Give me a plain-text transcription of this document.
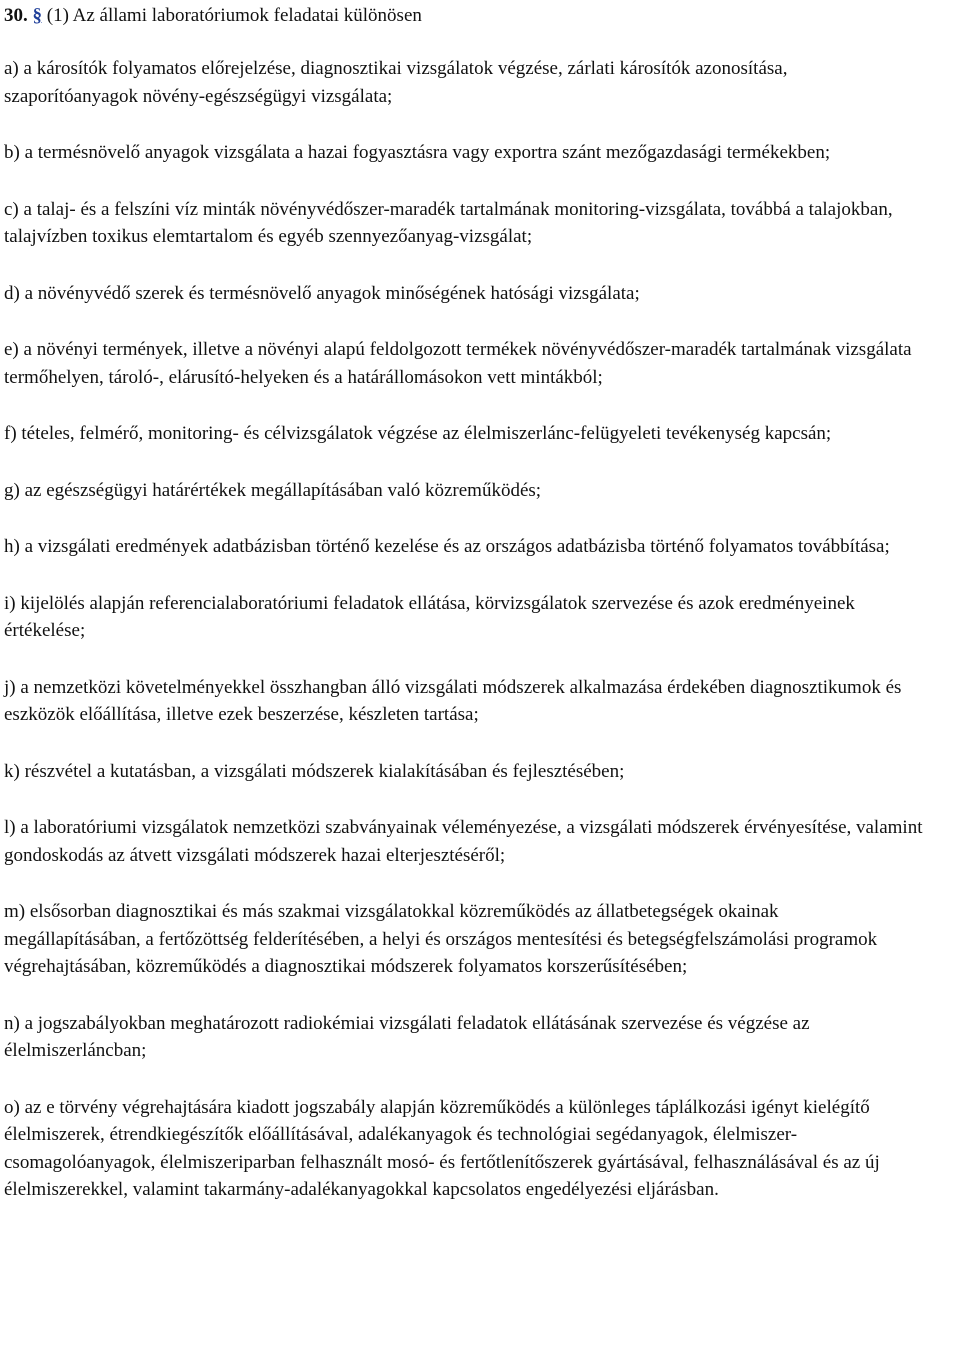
30. § (1) Az állami laboratóriumok feladatai különösen

a) a károsítók folyamatos előrejelzése, diagnosztikai vizsgálatok végzése, zárlati károsítók azonosítása, szaporítóanyagok növény-egészségügyi vizsgálata;

b) a termésnövelő anyagok vizsgálata a hazai fogyasztásra vagy exportra szánt mezőgazdasági termékekben;

c) a talaj- és a felszíni víz minták növényvédőszer-maradék tartalmának monitoring-vizsgálata, továbbá a talajokban, talajvízben toxikus elemtartalom és egyéb szennyezőanyag-vizsgálat;

d) a növényvédő szerek és termésnövelő anyagok minőségének hatósági vizsgálata;

e) a növényi termények, illetve a növényi alapú feldolgozott termékek növényvédőszer-maradék tartalmának vizsgálata termőhelyen, tároló-, elárusító-helyeken és a határállomásokon vett mintákból;

f) tételes, felmérő, monitoring- és célvizsgálatok végzése az élelmiszerlánc-felügyeleti tevékenység kapcsán;

g) az egészségügyi határértékek megállapításában való közreműködés;

h) a vizsgálati eredmények adatbázisban történő kezelése és az országos adatbázisba történő folyamatos továbbítása;

i) kijelölés alapján referencialaboratóriumi feladatok ellátása, körvizsgálatok szervezése és azok eredményeinek értékelése;

j) a nemzetközi követelményekkel összhangban álló vizsgálati módszerek alkalmazása érdekében diagnosztikumok és eszközök előállítása, illetve ezek beszerzése, készleten tartása;

k) részvétel a kutatásban, a vizsgálati módszerek kialakításában és fejlesztésében;

l) a laboratóriumi vizsgálatok nemzetközi szabványainak véleményezése, a vizsgálati módszerek érvényesítése, valamint gondoskodás az átvett vizsgálati módszerek hazai elterjesztéséről;

m) elsősorban diagnosztikai és más szakmai vizsgálatokkal közreműködés az állatbetegségek okainak megállapításában, a fertőzöttség felderítésében, a helyi és országos mentesítési és betegségfelszámolási programok végrehajtásában, közreműködés a diagnosztikai módszerek folyamatos korszerűsítésében;

n) a jogszabályokban meghatározott radiokémiai vizsgálati feladatok ellátásának szervezése és végzése az élelmiszerláncban;

o) az e törvény végrehajtására kiadott jogszabály alapján közreműködés a különleges táplálkozási igényt kielégítő élelmiszerek, étrendkiegészítők előállításával, adalékanyagok és technológiai segédanyagok, élelmiszer- csomagolóanyagok, élelmiszeriparban felhasznált mosó- és fertőtlenítőszerek gyártásával, felhasználásával és az új élelmiszerekkel, valamint takarmány-adalékanyagokkal kapcsolatos engedélyezési eljárásban.
